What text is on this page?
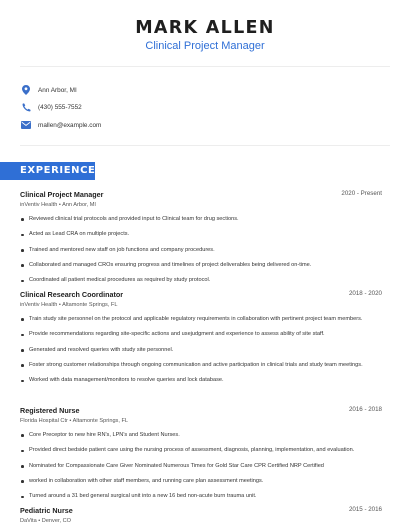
MARK ALLEN
Clinical Project Manager
Ann Arbor, MI
(430) 555-7552
mallen@example.com
EXPERIENCE
Clinical Project Manager	2020 - Present
inVentiv Health • Ann Arbor, MI
Reviewed clinical trial protocols and provided input to Clinical team for drug sections.
Acted as Lead CRA on multiple projects.
Trained and mentored new staff on job functions and company procedures.
Collaborated and managed CROs ensuring progress and timelines of project deliverables being delivered on-time.
Coordinated all patient medical procedures as required by study protocol.
Clinical Research Coordinator	2018 - 2020
inVentiv Health • Altamonte Springs, FL
Train study site personnel on the protocol and applicable regulatory requirements in collaboration with pertinent project team members.
Provide recommendations regarding site-specific actions and usejudgment and experience to assess ability of site staff.
Generated and resolved queries with study site personnel.
Foster strong customer relationships through ongoing communication and active participation in clinical trials and study team meetings.
Worked with data management/monitors to resolve queries and lock database.
Registered Nurse	2016 - 2018
Florida Hospital Ctr • Altamonte Springs, FL
Core Preceptor to new hire RN's, LPN's and Student Nurses.
Provided direct bedside patient care using the nursing process of assessment, diagnosis, planning, implementation, and evaluation.
Nominated for Compassionate Care Giver Nominated Numerous Times for Gold Star Care CPR Certified NRP Certified
worked in collaboration with other staff members, and running care plan assessment meetings.
Turned around a 31 bed general surgical unit into a new 16 bed non-acute burn trauma unit.
Pediatric Nurse	2015 - 2016
DaVita • Denver, CO
